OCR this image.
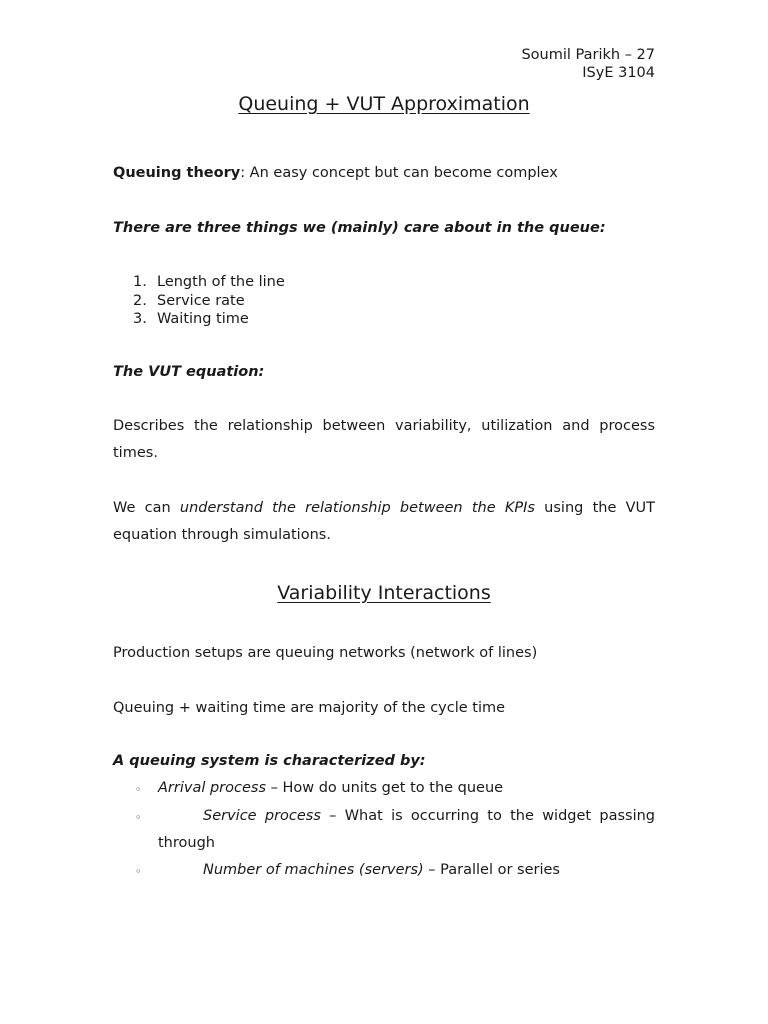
Soumil Parikh – 27
ISyE 3104
Queuing + VUT Approximation
Queuing theory: An easy concept but can become complex
There are three things we (mainly) care about in the queue:
1. Length of the line
2. Service rate
3. Waiting time
The VUT equation:
Describes the relationship between variability, utilization and process times.
We can understand the relationship between the KPIs using the VUT equation through simulations.
Variability Interactions
Production setups are queuing networks (network of lines)
Queuing + waiting time are majority of the cycle time
A queuing system is characterized by:
◦ Arrival process – How do units get to the queue
◦	Service process – What is occurring to the widget passing through
◦	Number of machines (servers) – Parallel or series
